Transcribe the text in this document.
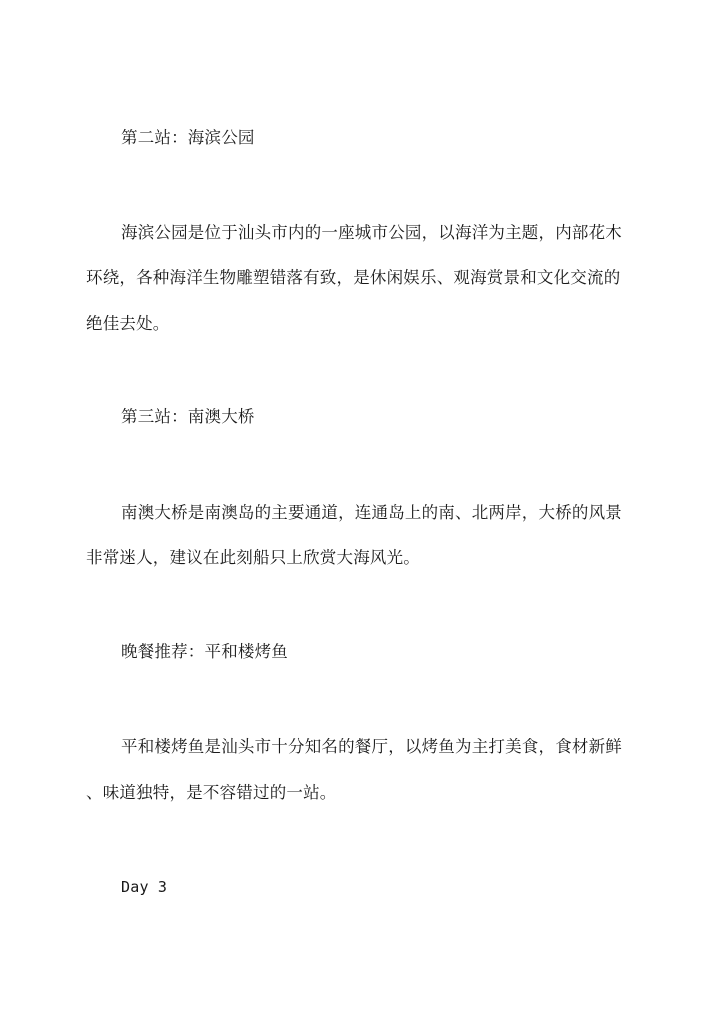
第二站：海滨公园
海滨公园是位于汕头市内的一座城市公园，以海洋为主题，内部花木
环绕，各种海洋生物雕塑错落有致，是休闲娱乐、观海赏景和文化交流的
绝佳去处。
第三站：南澳大桥
南澳大桥是南澳岛的主要通道，连通岛上的南、北两岸，大桥的风景
非常迷人，建议在此刻船只上欣赏大海风光。
晚餐推荐：平和楼烤鱼
平和楼烤鱼是汕头市十分知名的餐厅，以烤鱼为主打美食，食材新鲜
、味道独特，是不容错过的一站。
Day 3
